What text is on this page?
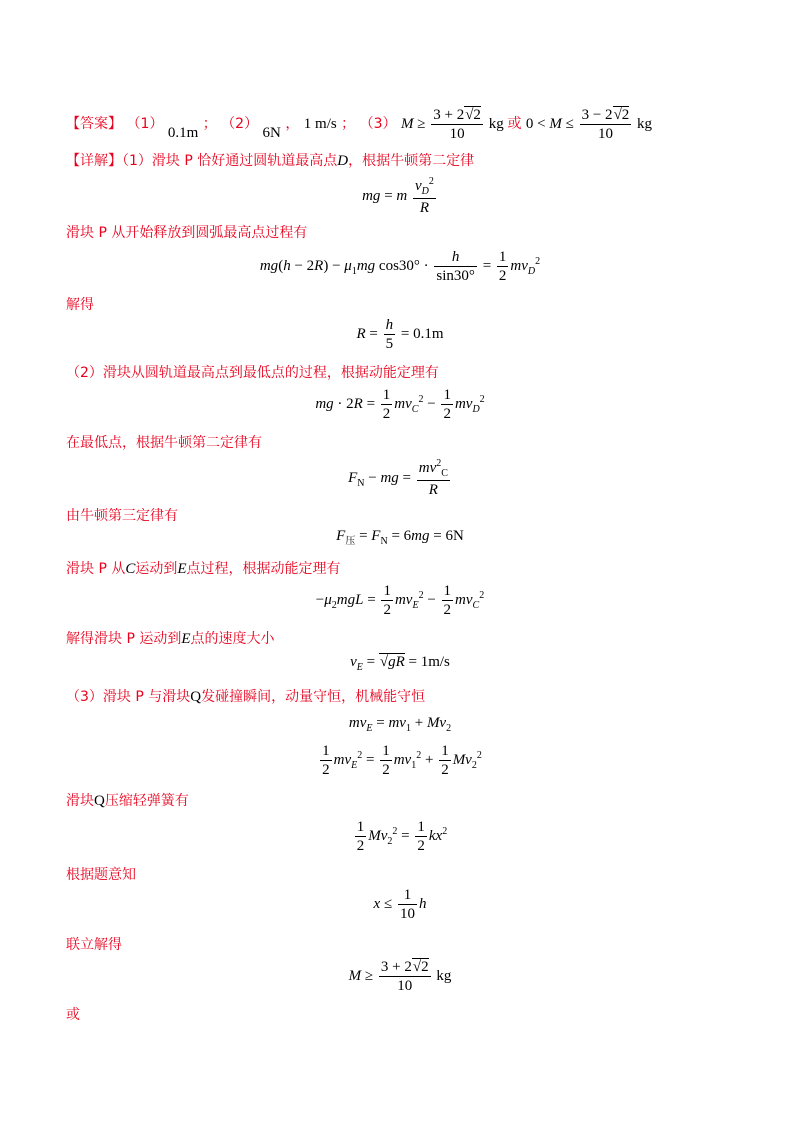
【答案】 （1） 0.1m ； （2） 6N ， 1 m/s ； （3） $M \ge \frac{3 + 2√2}{10}$ kg 或 $0 < M \le \frac{3 - 2√2}{10}$ kg
【详解】（1）滑块 P 恰好通过圆轨道最高点D，根据牛顿第二定律
mg = m $\frac{v_D^2}{R}$
滑块 P 从开始释放到圆弧最高点过程有
$mg(h - 2R) - \mu_1mg$ $\cos 30^\circ \cdot \frac{h}{\sin 30^\circ} = \frac{1}{2} mv_D^2$
解得
$R = \frac{h}{5} = 0.1m$
（2）滑块从圆轨道最高点到最低点的过程，根据动能定理有
mg · $2R = \frac{1}{2} mv_C^2 - \frac{1}{2} mv_D^2$
在最低点，根据牛顿第二定律有
$F_N$ − mg = $\frac{mv^2_C}{R}$
由牛顿第三定律有
$F_压 = F_N = 6mg = 6N$
滑块 P 从C运动到E点过程，根据动能定理有
$-\mu_2mgL = \frac{1}{2} mv_E^2 - \frac{1}{2} mv_C^2$
解得滑块 P 运动到E点的速度大小
$v_E = √gR = 1m/s$
（3）滑块 P 与滑块Q发碰撞瞬间，动量守恒，机械能守恒
$mv_E = mv_1 + Mv_2$
$\frac{1}{2} mv_E^2 = \frac{1}{2} mv_1^2 + \frac{1}{2} Mv_2^2$
滑块Q压缩轻弹簧有
$\frac{1}{2} Mv_2^2 = \frac{1}{2} kx^2$
根据题意知
$x \le \frac{1}{10}$ h
联立解得
$M \ge \frac{3 + 2√2}{10}$ kg
或
